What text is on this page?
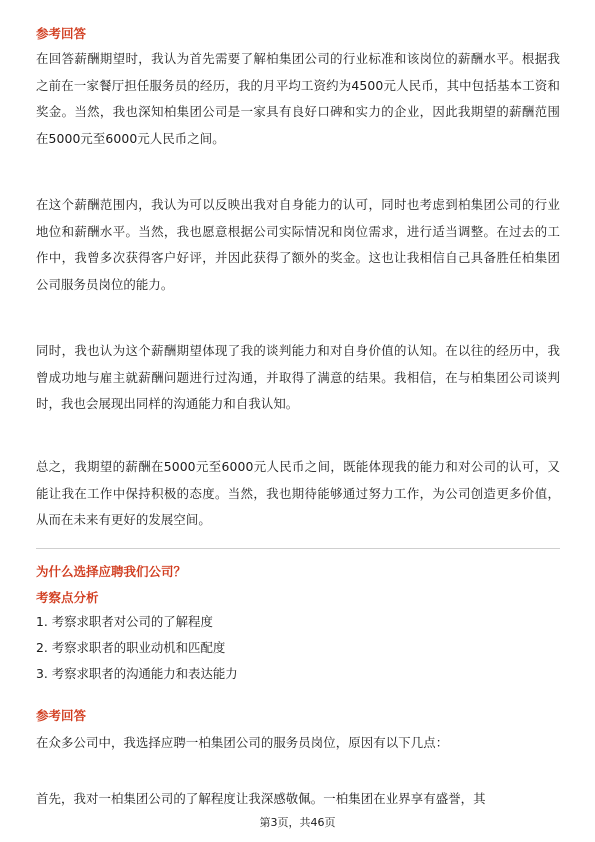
参考回答

在回答薪酬期望时，我认为首先需要了解柏集团公司的行业标准和该岗位的薪酬水平。根据我之前在一家餐厅担任服务员的经历，我的月平均工资约为4500元人民币，其中包括基本工资和奖金。当然，我也深知柏集团公司是一家具有良好口碑和实力的企业，因此我期望的薪酬范围在5000元至6000元人民币之间。

在这个薪酬范围内，我认为可以反映出我对自身能力的认可，同时也考虑到柏集团公司的行业地位和薪酬水平。当然，我也愿意根据公司实际情况和岗位需求，进行适当调整。在过去的工作中，我曾多次获得客户好评，并因此获得了额外的奖金。这也让我相信自己具备胜任柏集团公司服务员岗位的能力。

同时，我也认为这个薪酬期望体现了我的谈判能力和对自身价值的认知。在以往的经历中，我曾成功地与雇主就薪酬问题进行过沟通，并取得了满意的结果。我相信，在与柏集团公司谈判时，我也会展现出同样的沟通能力和自我认知。

总之，我期望的薪酬在5000元至6000元人民币之间，既能体现我的能力和对公司的认可，又能让我在工作中保持积极的态度。当然，我也期待能够通过努力工作，为公司创造更多价值，从而在未来有更好的发展空间。

为什么选择应聘我们公司？
考察点分析
1. 考察求职者对公司的了解程度
2. 考察求职者的职业动机和匹配度
3. 考察求职者的沟通能力和表达能力
参考回答

在众多公司中，我选择应聘一柏集团公司的服务员岗位，原因有以下几点：

首先，我对一柏集团公司的了解程度让我深感敬佩。一柏集团在业界享有盛誉，其

第3页，共46页
